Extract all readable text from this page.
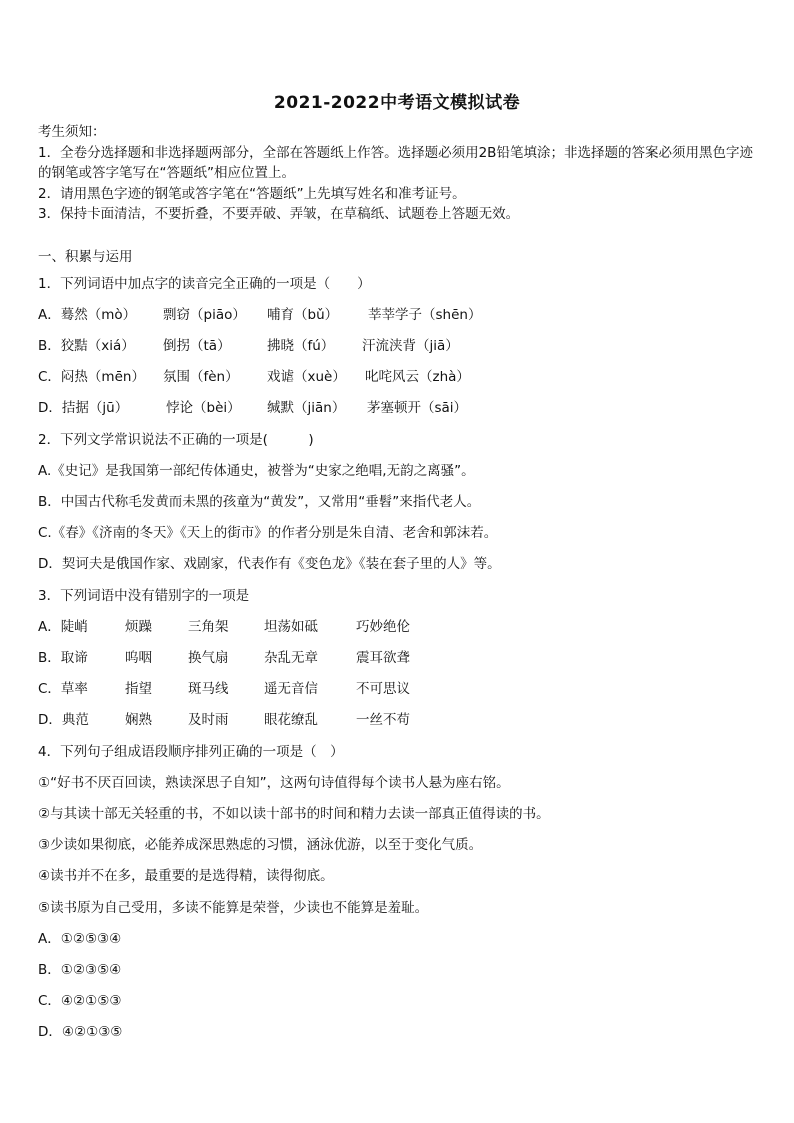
2021-2022中考语文模拟试卷
考生须知：
1．全卷分选择题和非选择题两部分，全部在答题纸上作答。选择题必须用2B铅笔填涂；非选择题的答案必须用黑色字迹的钢笔或答字笔写在“答题纸”相应位置上。
2．请用黑色字迹的钢笔或答字笔在“答题纸”上先填写姓名和准考证号。
3．保持卡面清洁，不要折叠，不要弄破、弄皱，在草稿纸、试题卷上答题无效。
一、积累与运用
1．下列词语中加点字的读音完全正确的一项是（　　）
A．蓦然（mò） 剽窃（piāo） 哺育（bǔ） 莘莘学子（shēn）
B．狡黠（xiá） 倒拐（tā）	拂晓（fú） 汗流浃背（jiā）
C．闷热（mēn） 氛围（fèn） 戏谑（xuè） 叱咤风云（zhà）
D．拮据（jū）	悖论（bèi） 缄默（jiān） 茅塞顿开（sāi）
2．下列文学常识说法不正确的一项是(　　　)
A.《史记》是我国第一部纪传体通史，被誉为“史家之绝唱,无韵之离骚”。
B．中国古代称毛发黄而未黑的孩童为“黄发”，又常用“垂髫”来指代老人。
C.《春》《济南的冬天》《天上的街市》的作者分别是朱自清、老舍和郭沫若。
D．契诃夫是俄国作家、戏剧家，代表作有《变色龙》《装在套子里的人》等。
3．下列词语中没有错别字的一项是
A．陡峭	烦躁	三角架	坦荡如砥	巧妙绝伦
B．取谛	呜咽	换气扇	杂乱无章	震耳欲聋
C．草率	指望	斑马线	遥无音信	不可思议
D．典范	娴熟	及时雨	眼花缭乱	一丝不苟
4．下列句子组成语段顺序排列正确的一项是（　）
①“好书不厌百回读，熟读深思子自知”，这两句诗值得每个读书人悬为座右铭。
②与其读十部无关轻重的书，不如以读十部书的时间和精力去读一部真正值得读的书。
③少读如果彻底，必能养成深思熟虑的习惯，涵泳优游，以至于变化气质。
④读书并不在多，最重要的是选得精，读得彻底。
⑤读书原为自己受用，多读不能算是荣誉，少读也不能算是羞耻。
A．①②⑤③④
B．①②③⑤④
C．④②①⑤③
D．④②①③⑤
